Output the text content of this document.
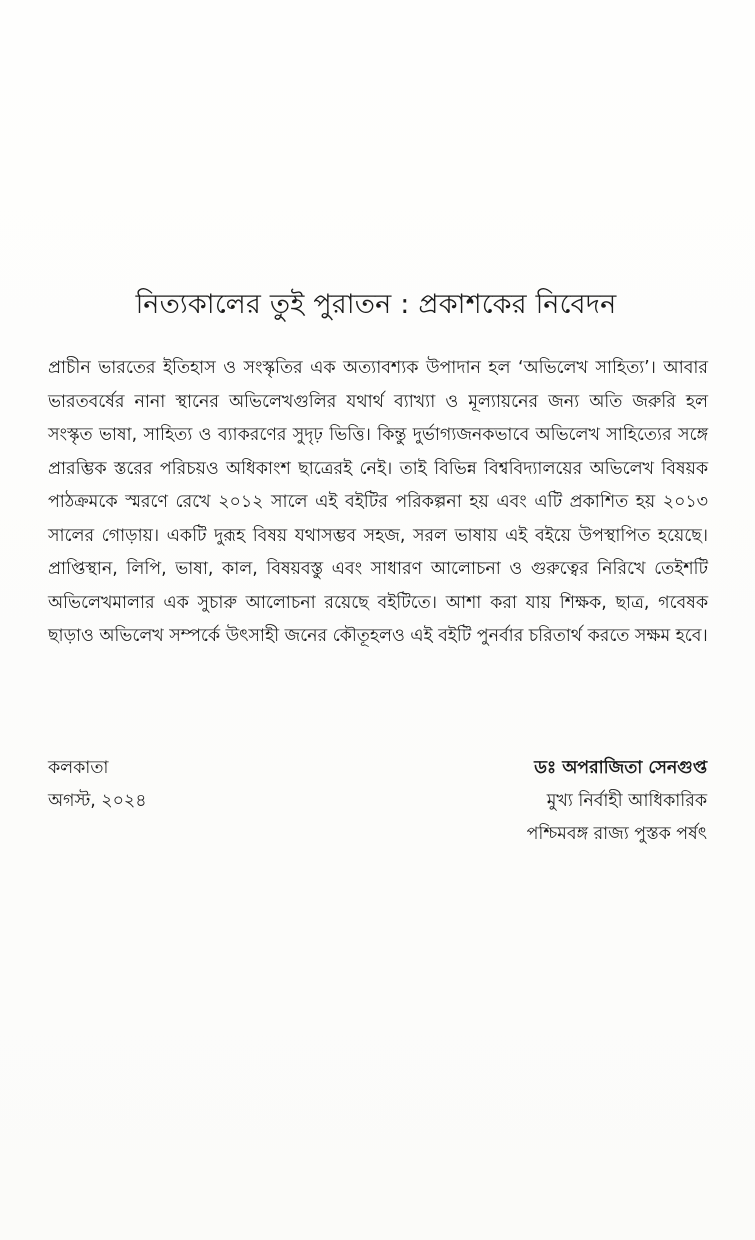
নিত্যকালের তুই পুরাতন : প্রকাশকের নিবেদন

প্রাচীন ভারতের ইতিহাস ও সংস্কৃতির এক অত্যাবশ্যক উপাদান হল ‘অভিলেখ সাহিত্য’। আবার ভারতবর্ষের নানা স্থানের অভিলেখগুলির যথার্থ ব্যাখ্যা ও মূল্যায়নের জন্য অতি জরুরি হল সংস্কৃত ভাষা, সাহিত্য ও ব্যাকরণের সুদৃঢ় ভিত্তি। কিন্তু দুর্ভাগ্যজনকভাবে অভিলেখ সাহিত্যের সঙ্গে প্রারম্ভিক স্তরের পরিচয়ও অধিকাংশ ছাত্রেরই নেই। তাই বিভিন্ন বিশ্ববিদ্যালয়ের অভিলেখ বিষয়ক পাঠক্রমকে স্মরণে রেখে ২০১২ সালে এই বইটির পরিকল্পনা হয় এবং এটি প্রকাশিত হয় ২০১৩ সালের গোড়ায়। একটি দুরূহ বিষয় যথাসম্ভব সহজ, সরল ভাষায় এই বইয়ে উপস্থাপিত হয়েছে। প্রাপ্তিস্থান, লিপি, ভাষা, কাল, বিষয়বস্তু এবং সাধারণ আলোচনা ও গুরুত্বের নিরিখে তেইশটি অভিলেখমালার এক সুচারু আলোচনা রয়েছে বইটিতে। আশা করা যায় শিক্ষক, ছাত্র, গবেষক ছাড়াও অভিলেখ সম্পর্কে উৎসাহী জনের কৌতূহলও এই বইটি পুনর্বার চরিতার্থ করতে সক্ষম হবে।

কলকাতা
অগস্ট, ২০২৪
ডঃ অপরাজিতা সেনগুপ্ত
মুখ্য নির্বাহী আধিকারিক
পশ্চিমবঙ্গ রাজ্য পুস্তক পর্ষৎ
